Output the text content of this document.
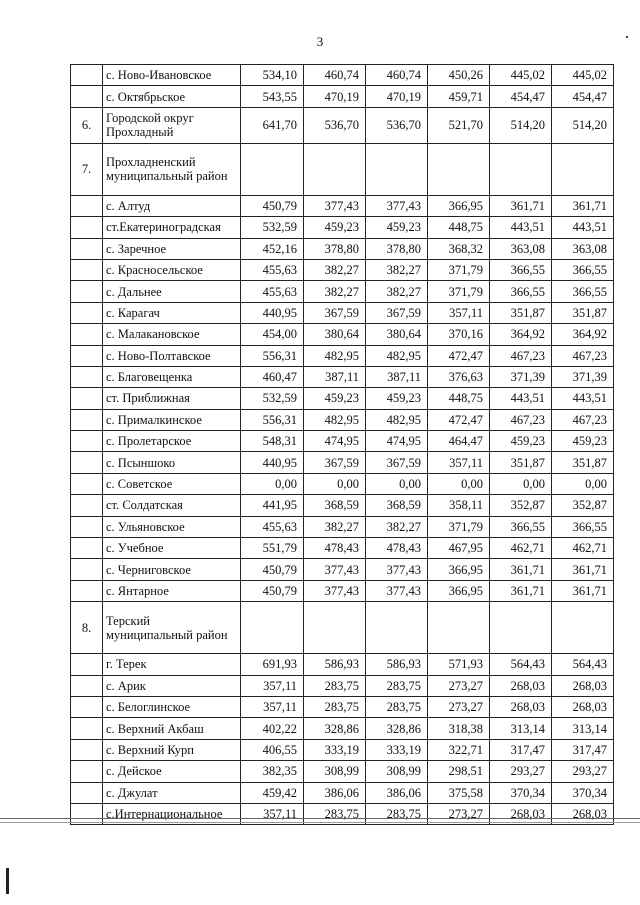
3
	с. Ново-Ивановское	534,10	460,74	460,74	450,26	445,02	445,02
	с. Октябрьское	543,55	470,19	470,19	459,71	454,47	454,47
6.	Городской округ Прохладный	641,70	536,70	536,70	521,70	514,20	514,20
7.	Прохладненский муниципальный район						
	с. Алтуд	450,79	377,43	377,43	366,95	361,71	361,71
	ст.Екатериноградская	532,59	459,23	459,23	448,75	443,51	443,51
	с. Заречное	452,16	378,80	378,80	368,32	363,08	363,08
	с. Красносельское	455,63	382,27	382,27	371,79	366,55	366,55
	с. Дальнее	455,63	382,27	382,27	371,79	366,55	366,55
	с. Карагач	440,95	367,59	367,59	357,11	351,87	351,87
	с. Малакановское	454,00	380,64	380,64	370,16	364,92	364,92
	с. Ново-Полтавское	556,31	482,95	482,95	472,47	467,23	467,23
	с. Благовещенка	460,47	387,11	387,11	376,63	371,39	371,39
	ст. Приближная	532,59	459,23	459,23	448,75	443,51	443,51
	с. Прималкинское	556,31	482,95	482,95	472,47	467,23	467,23
	с. Пролетарское	548,31	474,95	474,95	464,47	459,23	459,23
	с. Псыншоко	440,95	367,59	367,59	357,11	351,87	351,87
	с. Советское	0,00	0,00	0,00	0,00	0,00	0,00
	ст. Солдатская	441,95	368,59	368,59	358,11	352,87	352,87
	с. Ульяновское	455,63	382,27	382,27	371,79	366,55	366,55
	с. Учебное	551,79	478,43	478,43	467,95	462,71	462,71
	с. Черниговское	450,79	377,43	377,43	366,95	361,71	361,71
	с. Янтарное	450,79	377,43	377,43	366,95	361,71	361,71
8.	Терский муниципальный район						
	г. Терек	691,93	586,93	586,93	571,93	564,43	564,43
	с. Арик	357,11	283,75	283,75	273,27	268,03	268,03
	с. Белоглинское	357,11	283,75	283,75	273,27	268,03	268,03
	с. Верхний Акбаш	402,22	328,86	328,86	318,38	313,14	313,14
	с. Верхний Курп	406,55	333,19	333,19	322,71	317,47	317,47
	с. Дейское	382,35	308,99	308,99	298,51	293,27	293,27
	с. Джулат	459,42	386,06	386,06	375,58	370,34	370,34
	с.Интернациональное	357,11	283,75	283,75	273,27	268,03	268,03
